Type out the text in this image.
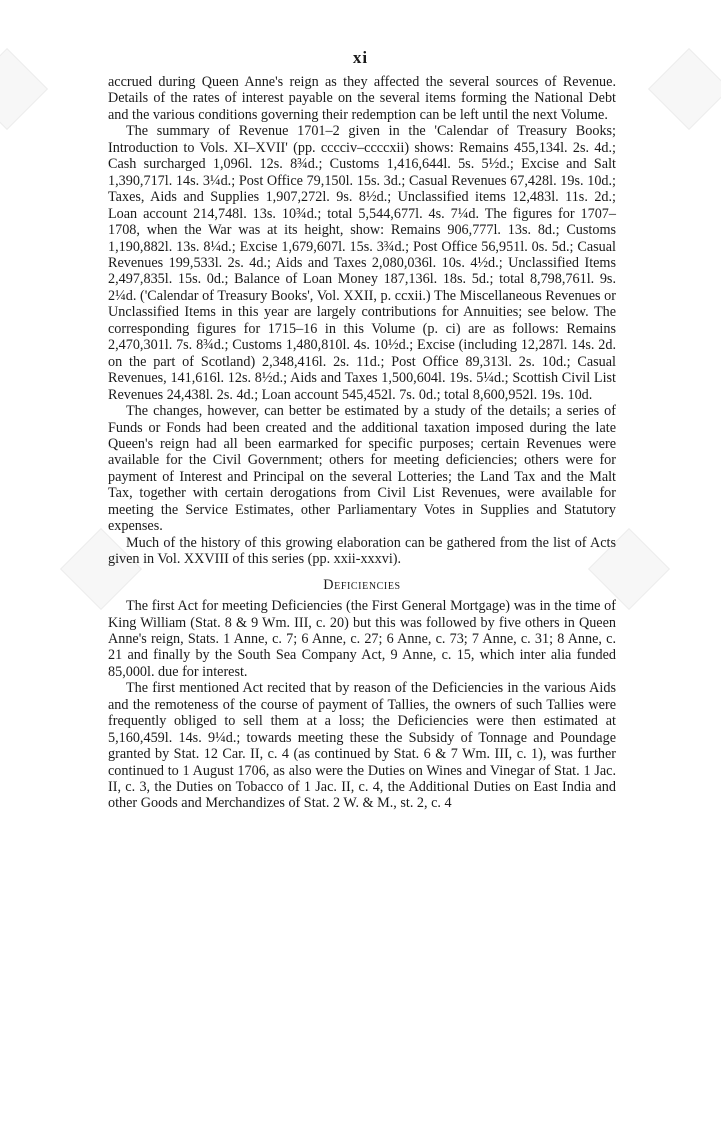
xi

accrued during Queen Anne's reign as they affected the several sources of Revenue. Details of the rates of interest payable on the several items forming the National Debt and the various conditions governing their redemption can be left until the next Volume.

The summary of Revenue 1701–2 given in the 'Calendar of Treasury Books; Introduction to Vols. XI–XVII' (pp. cccciv–ccccxii) shows: Remains 455,134l. 2s. 4d.; Cash surcharged 1,096l. 12s. 8¾d.; Customs 1,416,644l. 5s. 5½d.; Excise and Salt 1,390,717l. 14s. 3¼d.; Post Office 79,150l. 15s. 3d.; Casual Revenues 67,428l. 19s. 10d.; Taxes, Aids and Supplies 1,907,272l. 9s. 8½d.; Unclassified items 12,483l. 11s. 2d.; Loan account 214,748l. 13s. 10¾d.; total 5,544,677l. 4s. 7¼d. The figures for 1707–1708, when the War was at its height, show: Remains 906,777l. 13s. 8d.; Customs 1,190,882l. 13s. 8¼d.; Excise 1,679,607l. 15s. 3¾d.; Post Office 56,951l. 0s. 5d.; Casual Revenues 199,533l. 2s. 4d.; Aids and Taxes 2,080,036l. 10s. 4½d.; Unclassified Items 2,497,835l. 15s. 0d.; Balance of Loan Money 187,136l. 18s. 5d.; total 8,798,761l. 9s. 2¼d. ('Calendar of Treasury Books', Vol. XXII, p. ccxii.) The Miscellaneous Revenues or Unclassified Items in this year are largely contributions for Annuities; see below. The corresponding figures for 1715–16 in this Volume (p. ci) are as follows: Remains 2,470,301l. 7s. 8¾d.; Customs 1,480,810l. 4s. 10½d.; Excise (including 12,287l. 14s. 2d. on the part of Scotland) 2,348,416l. 2s. 11d.; Post Office 89,313l. 2s. 10d.; Casual Revenues, 141,616l. 12s. 8½d.; Aids and Taxes 1,500,604l. 19s. 5¼d.; Scottish Civil List Revenues 24,438l. 2s. 4d.; Loan account 545,452l. 7s. 0d.; total 8,600,952l. 19s. 10d.

The changes, however, can better be estimated by a study of the details; a series of Funds or Fonds had been created and the additional taxation imposed during the late Queen's reign had all been earmarked for specific purposes; certain Revenues were available for the Civil Government; others for meeting deficiencies; others were for payment of Interest and Principal on the several Lotteries; the Land Tax and the Malt Tax, together with certain derogations from Civil List Revenues, were available for meeting the Service Estimates, other Parliamentary Votes in Supplies and Statutory expenses.

Much of the history of this growing elaboration can be gathered from the list of Acts given in Vol. XXVIII of this series (pp. xxii-xxxvi).

Deficiencies

The first Act for meeting Deficiencies (the First General Mortgage) was in the time of King William (Stat. 8 & 9 Wm. III, c. 20) but this was followed by five others in Queen Anne's reign, Stats. 1 Anne, c. 7; 6 Anne, c. 27; 6 Anne, c. 73; 7 Anne, c. 31; 8 Anne, c. 21 and finally by the South Sea Company Act, 9 Anne, c. 15, which inter alia funded 85,000l. due for interest.

The first mentioned Act recited that by reason of the Deficiencies in the various Aids and the remoteness of the course of payment of Tallies, the owners of such Tallies were frequently obliged to sell them at a loss; the Deficiencies were then estimated at 5,160,459l. 14s. 9¼d.; towards meeting these the Subsidy of Tonnage and Poundage granted by Stat. 12 Car. II, c. 4 (as continued by Stat. 6 & 7 Wm. III, c. 1), was further continued to 1 August 1706, as also were the Duties on Wines and Vinegar of Stat. 1 Jac. II, c. 3, the Duties on Tobacco of 1 Jac. II, c. 4, the Additional Duties on East India and other Goods and Merchandizes of Stat. 2 W. & M., st. 2, c. 4
